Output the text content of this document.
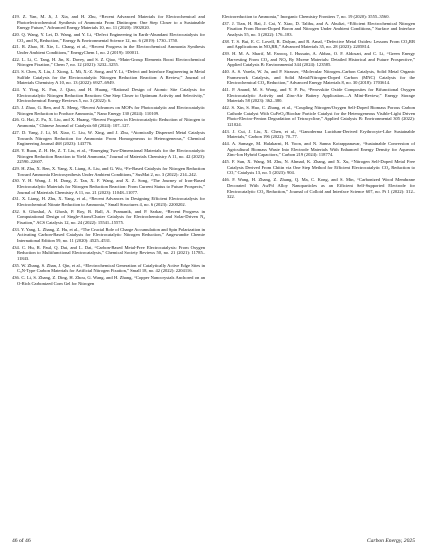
419. Z. Yan, M. Ji, J. Xia, and H. Zhu, “Recent Advanced Materials for Electrochemical and Photoelectrochemical Synthesis of Ammonia From Dinitrogen: One Step Closer to a Sustainable Energy Future,” Advanced Energy Materials 10, no. 11 (2020): 1902020.

420. Q. Wang, Y. Lei, D. Wang, and Y. Li, “Defect Engineering in Earth-Abundant Electrocatalysts for CO₂ and N₂ Reduction,” Energy & Environmental Science 12, no. 6 (2019): 1730–1750.

421. R. Zhao, H. Xie, L. Chang, et al., “Recent Progress in the Electrochemical Ammonia Synthesis Under Ambient Conditions,” EnergyChem 1, no. 2 (2019): 100011.

422. L. Li, C. Tang, H. Jin, K. Davey, and S. Z. Qiao, “Main-Group Elements Boost Electrochemical Nitrogen Fixation,” Chem 7, no. 12 (2021): 3232–3255.

423. S. Chen, X. Liu, J. Xiong, L. Mi, X.-Z. Song, and Y. Li, “Defect and Interface Engineering in Metal Sulfide Catalysts for the Electrocatalytic Nitrogen Reduction Reaction: A Review,” Journal of Materials Chemistry A 10, no. 13 (2022): 6927–6949.

424. Y. Ying, K. Fan, J. Qiao, and H. Huang, “Rational Design of Atomic Site Catalysts for Electrocatalytic Nitrogen Reduction Reaction: One Step Closer to Optimum Activity and Selectivity,” Electrochemical Energy Reviews 5, no. 3 (2022): 6.

425. J. Zhao, G. Ren, and X. Meng, “Recent Advances on MOFs for Photocatalytic and Electrocatalytic Nitrogen Reduction to Produce Ammonia,” Nano Energy 130 (2024): 110109.

426. G. Hai, Z. Fu, X. Liu, and X. Huang, “Recent Progress in Electrocatalytic Reduction of Nitrogen to Ammonia,” Chinese Journal of Catalysis 60 (2024): 107–127.

427. D. Yang, J. Li, M. Xiao, C. Liu, W. Xing, and J. Zhu, “Atomically Dispersed Metal Catalysts Towards Nitrogen Reduction for Ammonia: From Homogeneous to Heterogeneous,” Chemical Engineering Journal 468 (2023): 143776.

428. Y. Ruan, Z. H. He, Z. T. Liu, et al., “Emerging Two-Dimensional Materials for the Electrocatalytic Nitrogen Reduction Reaction to Yield Ammonia,” Journal of Materials Chemistry A 11, no. 42 (2023): 22590–22607.

429. H. Zhu, X. Ren, X. Yang, X. Liang, A. Liu, and G. Wu, “Fe-Based Catalysts for Nitrogen Reduction Toward Ammonia Electrosynthesis Under Ambient Conditions,” SusMat 2, no. 3 (2022): 214–242.

430. Y. H. Wang, J. H. Dong, Z. Tan, X. F. Wang, and X. Z. Song, “The Journey of Iron-Based Electrocatalytic Materials for Nitrogen Reduction Reaction: From Current Status to Future Prospects,” Journal of Materials Chemistry A 11, no. 21 (2023): 11048–11077.

431. X. Liang, H. Zhu, X. Yang, et al., “Recent Advances in Designing Efficient Electrocatalysts for Electrochemical Nitrate Reduction to Ammonia,” Small Structures 4, no. 6 (2023): 2200202.

432. S. Ghoshal, A. Ghosh, P. Roy, B. Ball, A. Pramanik, and P. Sarkar, “Recent Progress in Computational Design of Single-Atom/Cluster Catalysts for Electrochemical and Solar-Driven N₂ Fixation,” ACS Catalysis 12, no. 24 (2022): 15541–15575.

433. Y. Yang, L. Zhang, Z. Hu, et al., “The Crucial Role of Charge Accumulation and Spin Polarization in Activating Carbon-Based Catalysts for Electrocatalytic Nitrogen Reduction,” Angewandte Chemie International Edition 59, no. 11 (2020): 4525–4531.

434. C. Hu, R. Paul, Q. Dai, and L. Dai, “Carbon-Based Metal-Free Electrocatalysts: From Oxygen Reduction to Multifunctional Electrocatalysis,” Chemical Society Reviews 50, no. 21 (2021): 11785–11843.

435. W. Zhang, S. Zhan, J. Qin, et al., “Electrochemical Generation of Catalytically Active Edge Sites in C₃N-Type Carbon Materials for Artificial Nitrogen Fixation,” Small 18, no. 42 (2022): 2204116.

436. C. Li, S. Zhang, Z. Ding, H. Zhou, G. Wang, and H. Zhang, “Copper Nanocrystals Anchored on an O-Rich Carbonized Corn Gel for Nitrogen

Electroreduction to Ammonia,” Inorganic Chemistry Frontiers 7, no. 19 (2020): 3555–3560.

437. J. Tian, H. Bai, J. Cai, Y. Xiao, D. Talibu, and A. Abulizi, “Efficient Electrochemical Nitrogen Fixation From Boron-Doped Boron and Nitrogen Under Ambient Conditions,” Surface and Interface Analysis 55, no. 3 (2022): 176–183.

438. T. S. Bui, E. C. Lovell, R. Dalyan, and R. Amal, “Defective Metal Oxides: Lessons From CO₂RR and Applications in NOₓRR,” Advanced Materials 35, no. 28 (2023): 2205814.

439. H. M. A. Sharif, M. Farooq, I. Hussain, A. Abbas, O. F. Aldosari, and C. Li, “Green Energy Harvesting From CO₂ and NOₓ By Mxene Materials: Detailed Historical and Future Prospective,” Applied Catalysis B: Environmental 344 (2024): 123585.

440. A. S. Varela, W. Ju, and P. Strasser, “Molecular Nitrogen–Carbon Catalysts, Solid Metal Organic Framework Catalysts, and Solid Metal/Nitrogen-Doped Carbon (MNC) Catalysts for the Electrochemical CO₂ Reduction,” Advanced Energy Materials 8, no. 30 (2018): 1703614.

441. P. Anand, M. S. Wong, and Y. P. Fu, “Perovskite Oxide Composites for Bifunctional Oxygen Electrocatalytic Activity and Zinc-Air Battery Application—A Mini-Review,” Energy Storage Materials 58 (2023): 362–380.

442. S. Xin, S. Huo, C. Zhang, et al., “Coupling Nitrogen/Oxygen Self-Doped Biomass Porous Carbon Cathode Catalyst With CuFeO₂/Biochar Particle Catalyst for the Heterogeneous Visible-Light Driven Photo-Electro-Fenton Degradation of Tetracycline,” Applied Catalysis B: Environmental 305 (2022): 121024.

443. J. Cui, J. Liu, X. Chen, et al., “Ganoderma Lucidum-Derived Erythrocyte-Like Sustainable Materials,” Carbon 196 (2022): 70–77.

444. A. Samage, M. Halakarni, H. Yoon, and N. Sanna Kotrappanavar, “Sustainable Conversion of Agricultural Biomass Waste Into Electrode Materials With Enhanced Energy Density for Aqueous Zinc-Ion Hybrid Capacitors,” Carbon 219 (2024): 118774.

445. F. Sun, X. Wang, M. Zhu, N. Ahmad, K. Zhang, and X. Xu, “Nitrogen Self-Doped Metal Free Catalysts Derived From Chitin via One Step Method for Efficient Electrocatalytic CO₂ Reduction to CO,” Catalysts 13, no. 5 (2023): 904.

446. F. Wang, H. Zhang, Z. Zhang, Q. Ma, C. Kong, and S. Min, “Carbonized Wood Membrane Decorated With Au/Pd Alloy Nanoparticles as an Efficient Self-Supported Electrode for Electrocatalytic CO₂ Reduction,” Journal of Colloid and Interface Science 607, no. Pt 1 (2022): 312–322.

46 of 46	Carbon Energy, 2025
